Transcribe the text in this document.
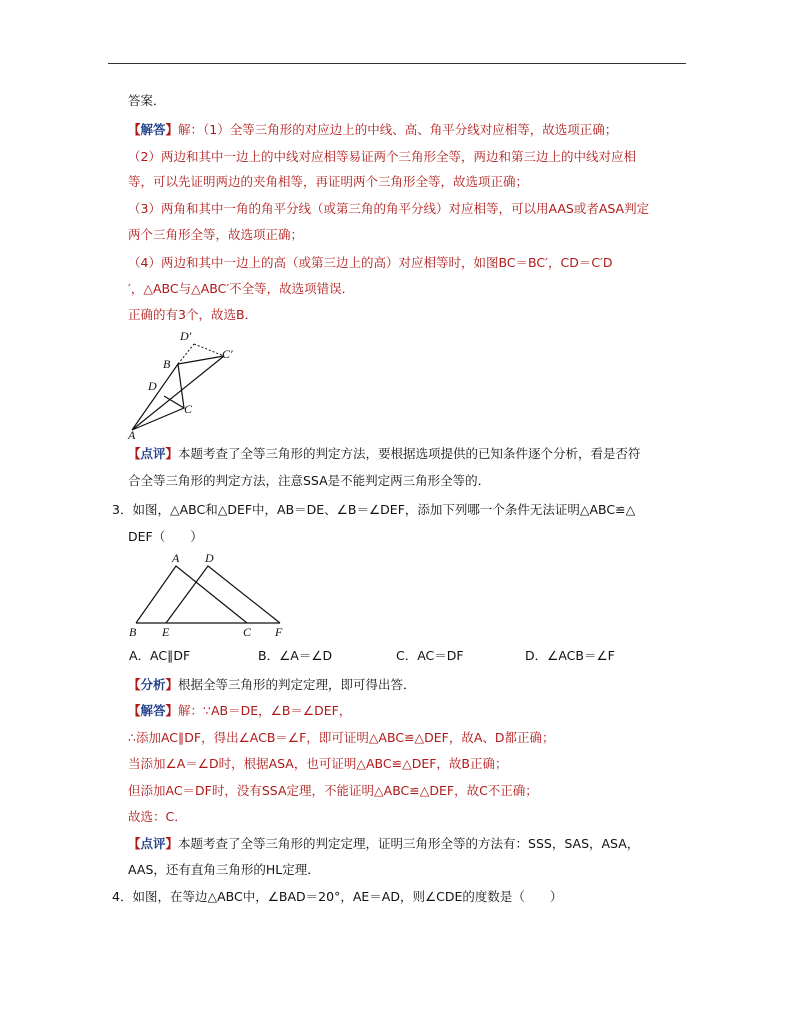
答案．
【解答】解：（1）全等三角形的对应边上的中线、高、角平分线对应相等，故选项正确；
（2）两边和其中一边上的中线对应相等易证两个三角形全等，两边和第三边上的中线对应相
等，可以先证明两边的夹角相等，再证明两个三角形全等，故选项正确；
（3）两角和其中一角的角平分线（或第三角的角平分线）对应相等，可以用AAS或者ASA判定
两个三角形全等，故选项正确；
（4）两边和其中一边上的高（或第三边上的高）对应相等时，如图BC＝BC′，CD＝C′D
′，△ABC与△ABC′不全等，故选项错误．
正确的有3个，故选B．
D′
B
C′
D
C
A
【点评】本题考查了全等三角形的判定方法，要根据选项提供的已知条件逐个分析，看是否符
合全等三角形的判定方法，注意SSA是不能判定两三角形全等的．
3．如图，△ABC和△DEF中，AB＝DE、∠B＝∠DEF，添加下列哪一个条件无法证明△ABC≌△
DEF（　　）
A D
B E	C F
A．AC∥DF	B．∠A＝∠D	C．AC＝DF	D．∠ACB＝∠F
【分析】根据全等三角形的判定定理，即可得出答．
【解答】解：∵AB＝DE，∠B＝∠DEF，
∴添加AC∥DF，得出∠ACB＝∠F，即可证明△ABC≌△DEF，故A、D都正确；
当添加∠A＝∠D时，根据ASA，也可证明△ABC≌△DEF，故B正确；
但添加AC＝DF时，没有SSA定理，不能证明△ABC≌△DEF，故C不正确；
故选：C．
【点评】本题考查了全等三角形的判定定理，证明三角形全等的方法有：SSS，SAS，ASA，
AAS，还有直角三角形的HL定理．
4．如图，在等边△ABC中，∠BAD＝20°，AE＝AD，则∠CDE的度数是（　　）
